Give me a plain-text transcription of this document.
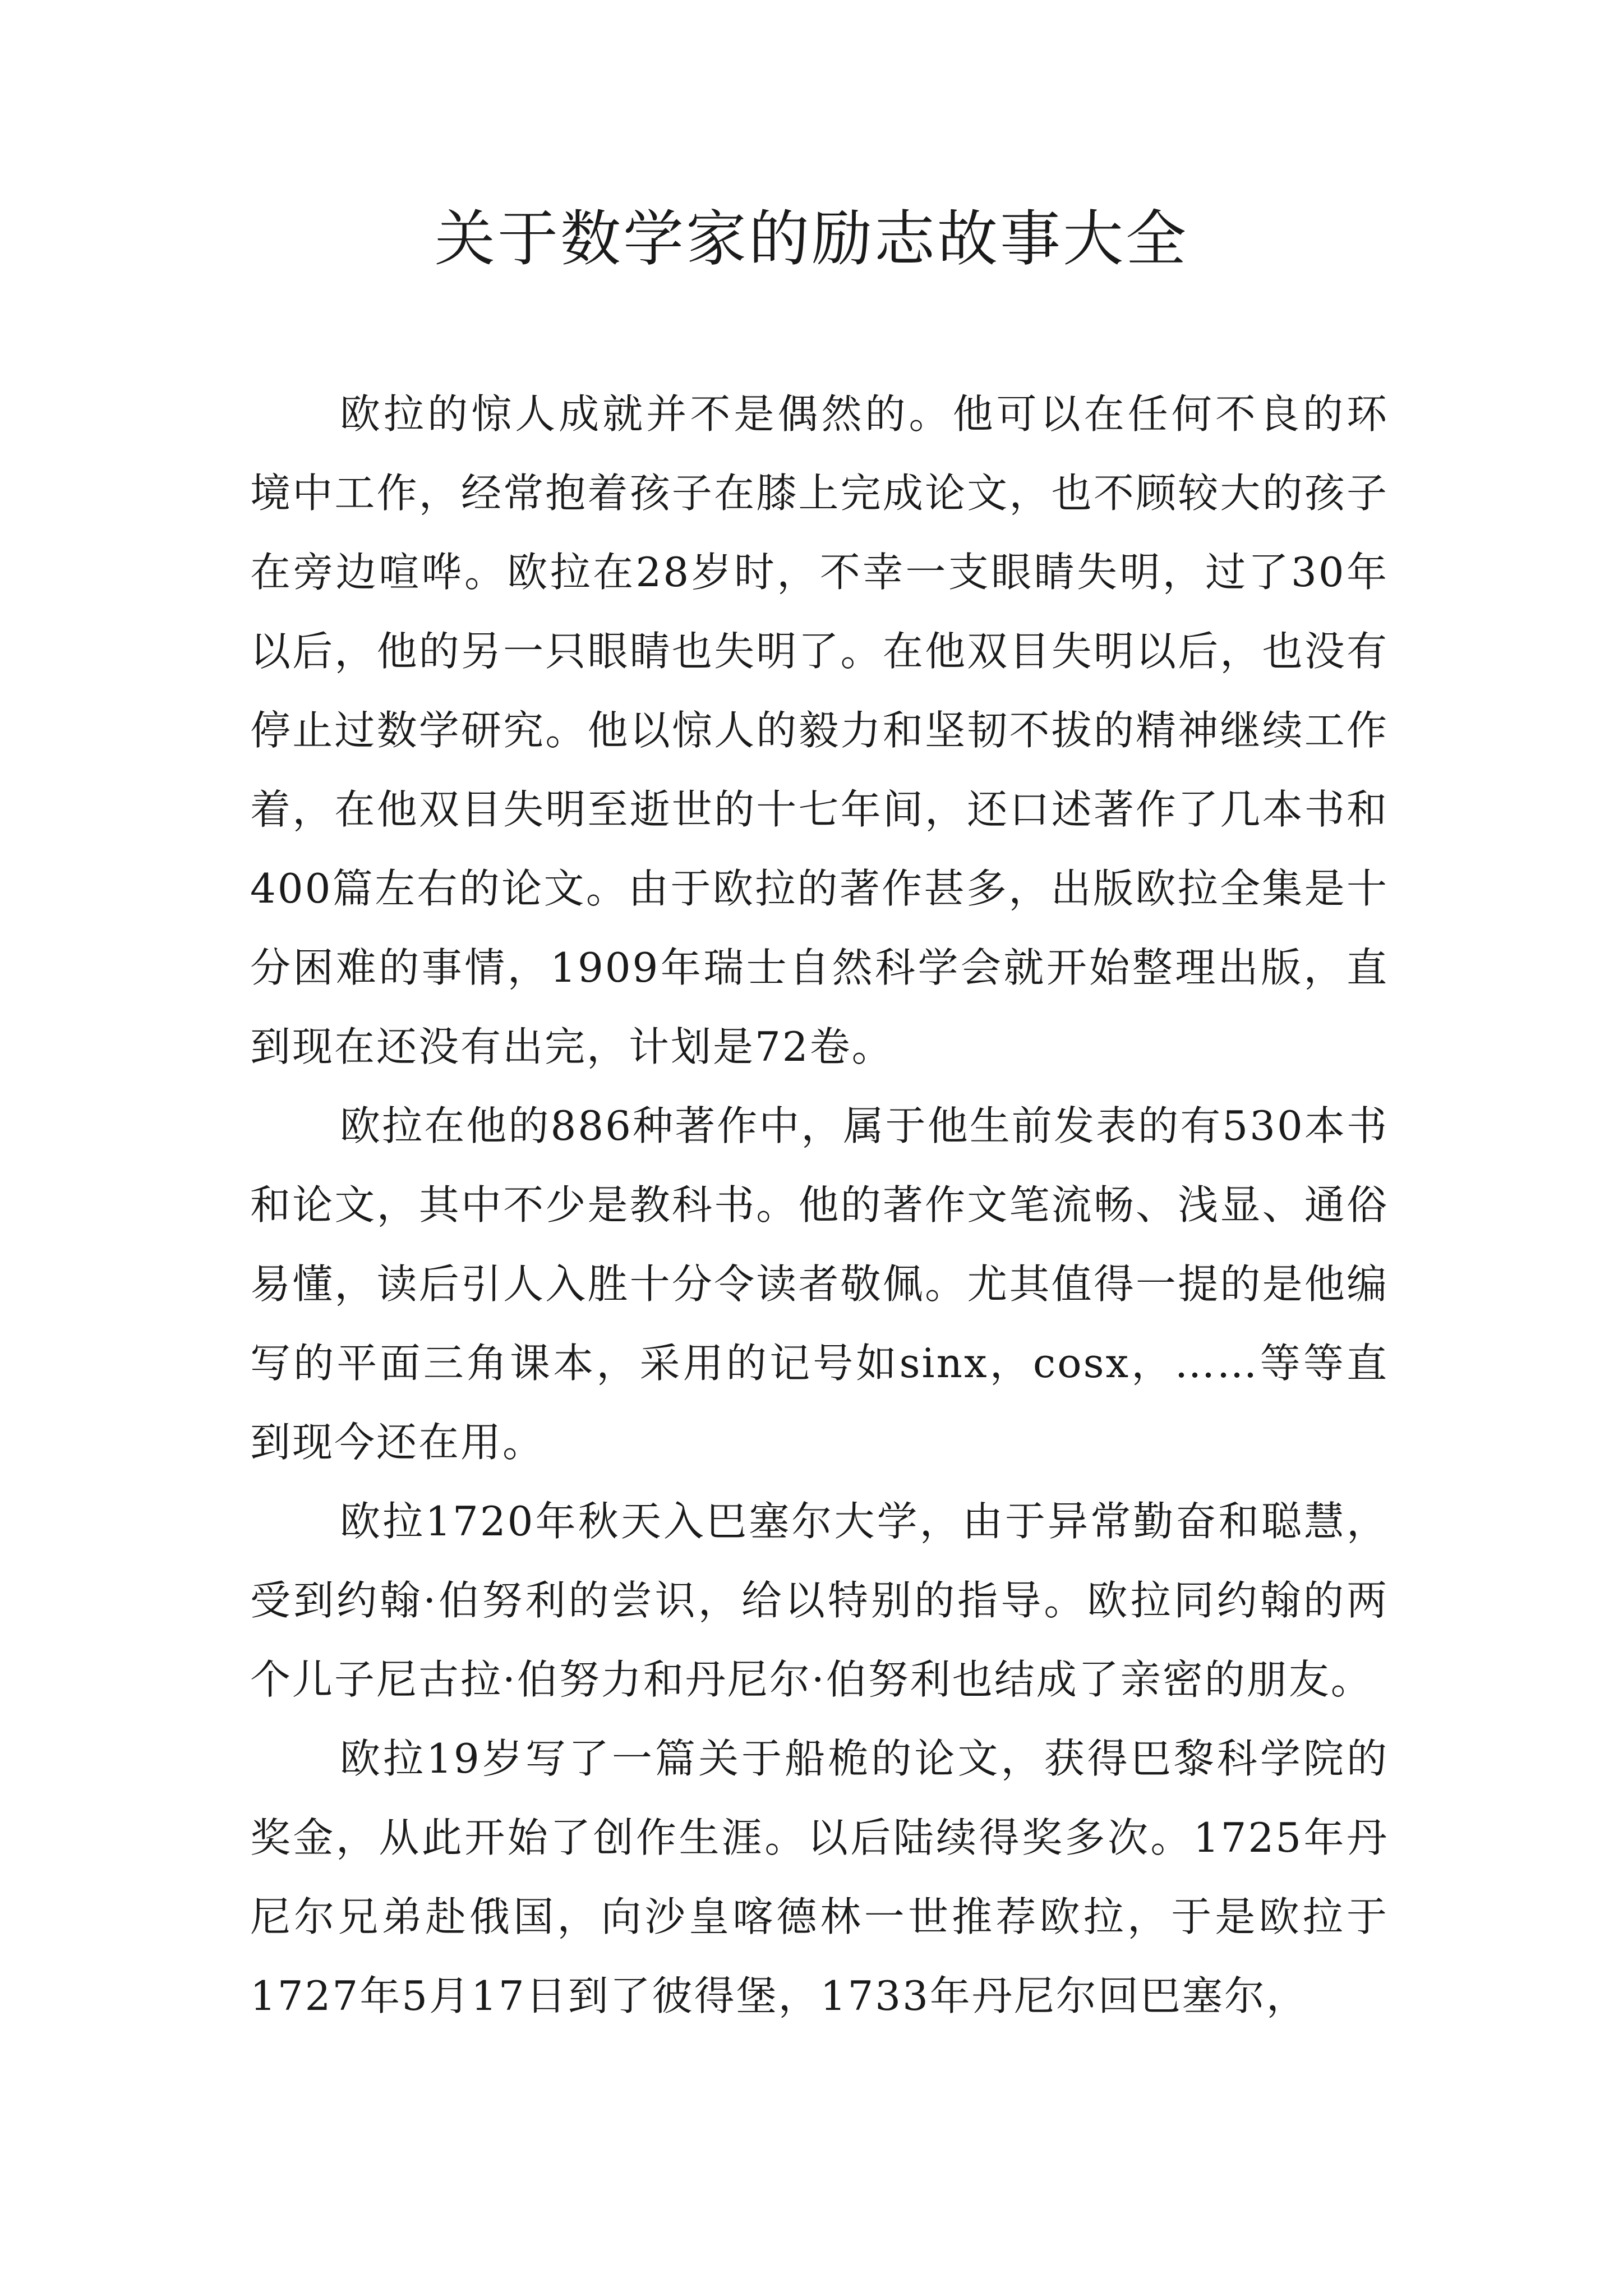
关于数学家的励志故事大全

欧拉的惊人成就并不是偶然的。他可以在任何不良的环境中工作，经常抱着孩子在膝上完成论文，也不顾较大的孩子在旁边喧哗。欧拉在28岁时，不幸一支眼睛失明，过了30年以后，他的另一只眼睛也失明了。在他双目失明以后，也没有停止过数学研究。他以惊人的毅力和坚韧不拔的精神继续工作着，在他双目失明至逝世的十七年间，还口述著作了几本书和400篇左右的论文。由于欧拉的著作甚多，出版欧拉全集是十分困难的事情，1909年瑞士自然科学会就开始整理出版，直到现在还没有出完，计划是72卷。

欧拉在他的886种著作中，属于他生前发表的有530本书和论文，其中不少是教科书。他的著作文笔流畅、浅显、通俗易懂，读后引人入胜十分令读者敬佩。尤其值得一提的是他编写的平面三角课本，采用的记号如sinx，cosx，……等等直到现今还在用。

欧拉1720年秋天入巴塞尔大学，由于异常勤奋和聪慧，受到约翰·伯努利的尝识，给以特别的指导。欧拉同约翰的两个儿子尼古拉·伯努力和丹尼尔·伯努利也结成了亲密的朋友。

欧拉19岁写了一篇关于船桅的论文，获得巴黎科学院的奖金，从此开始了创作生涯。以后陆续得奖多次。1725年丹尼尔兄弟赴俄国，向沙皇喀德林一世推荐欧拉，于是欧拉于1727年5月17日到了彼得堡，1733年丹尼尔回巴塞尔，
